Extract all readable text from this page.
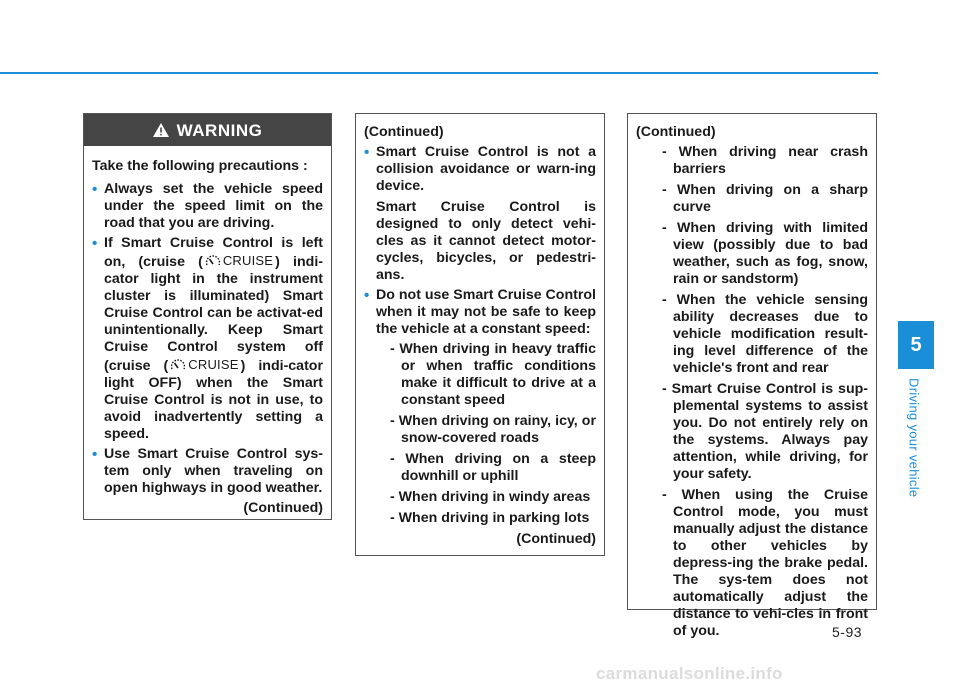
5
Driving your vehicle
WARNING

Take the following precautions :

• Always set the vehicle speed under the speed limit on the road that you are driving.

• If Smart Cruise Control is left on, (cruise ( CRUISE ) indi-cator light in the instrument cluster is illuminated) Smart Cruise Control can be activat-ed unintentionally. Keep Smart Cruise Control system off (cruise ( CRUISE ) indi-cator light OFF) when the Smart Cruise Control is not in use, to avoid inadvertently setting a speed.

• Use Smart Cruise Control sys-tem only when traveling on open highways in good weather.

(Continued)

(Continued)

• Smart Cruise Control is not a collision avoidance or warn-ing device.

Smart Cruise Control is designed to only detect vehi-cles as it cannot detect motor-cycles, bicycles, or pedestri-ans.

• Do not use Smart Cruise Control when it may not be safe to keep the vehicle at a constant speed:

- When driving in heavy traffic or when traffic conditions make it difficult to drive at a constant speed

- When driving on rainy, icy, or snow-covered roads

- When driving on a steep downhill or uphill

- When driving in windy areas

- When driving in parking lots

(Continued)

(Continued)

- When driving near crash barriers

- When driving on a sharp curve

- When driving with limited view (possibly due to bad weather, such as fog, snow, rain or sandstorm)

- When the vehicle sensing ability decreases due to vehicle modification result-ing level difference of the vehicle's front and rear

- Smart Cruise Control is sup-plemental systems to assist you. Do not entirely rely on the systems. Always pay attention, while driving, for your safety.

- When using the Cruise Control mode, you must manually adjust the distance to other vehicles by depress-ing the brake pedal. The sys-tem does not automatically adjust the distance to vehi-cles in front of you.	5-93
carmanualsonline.info
